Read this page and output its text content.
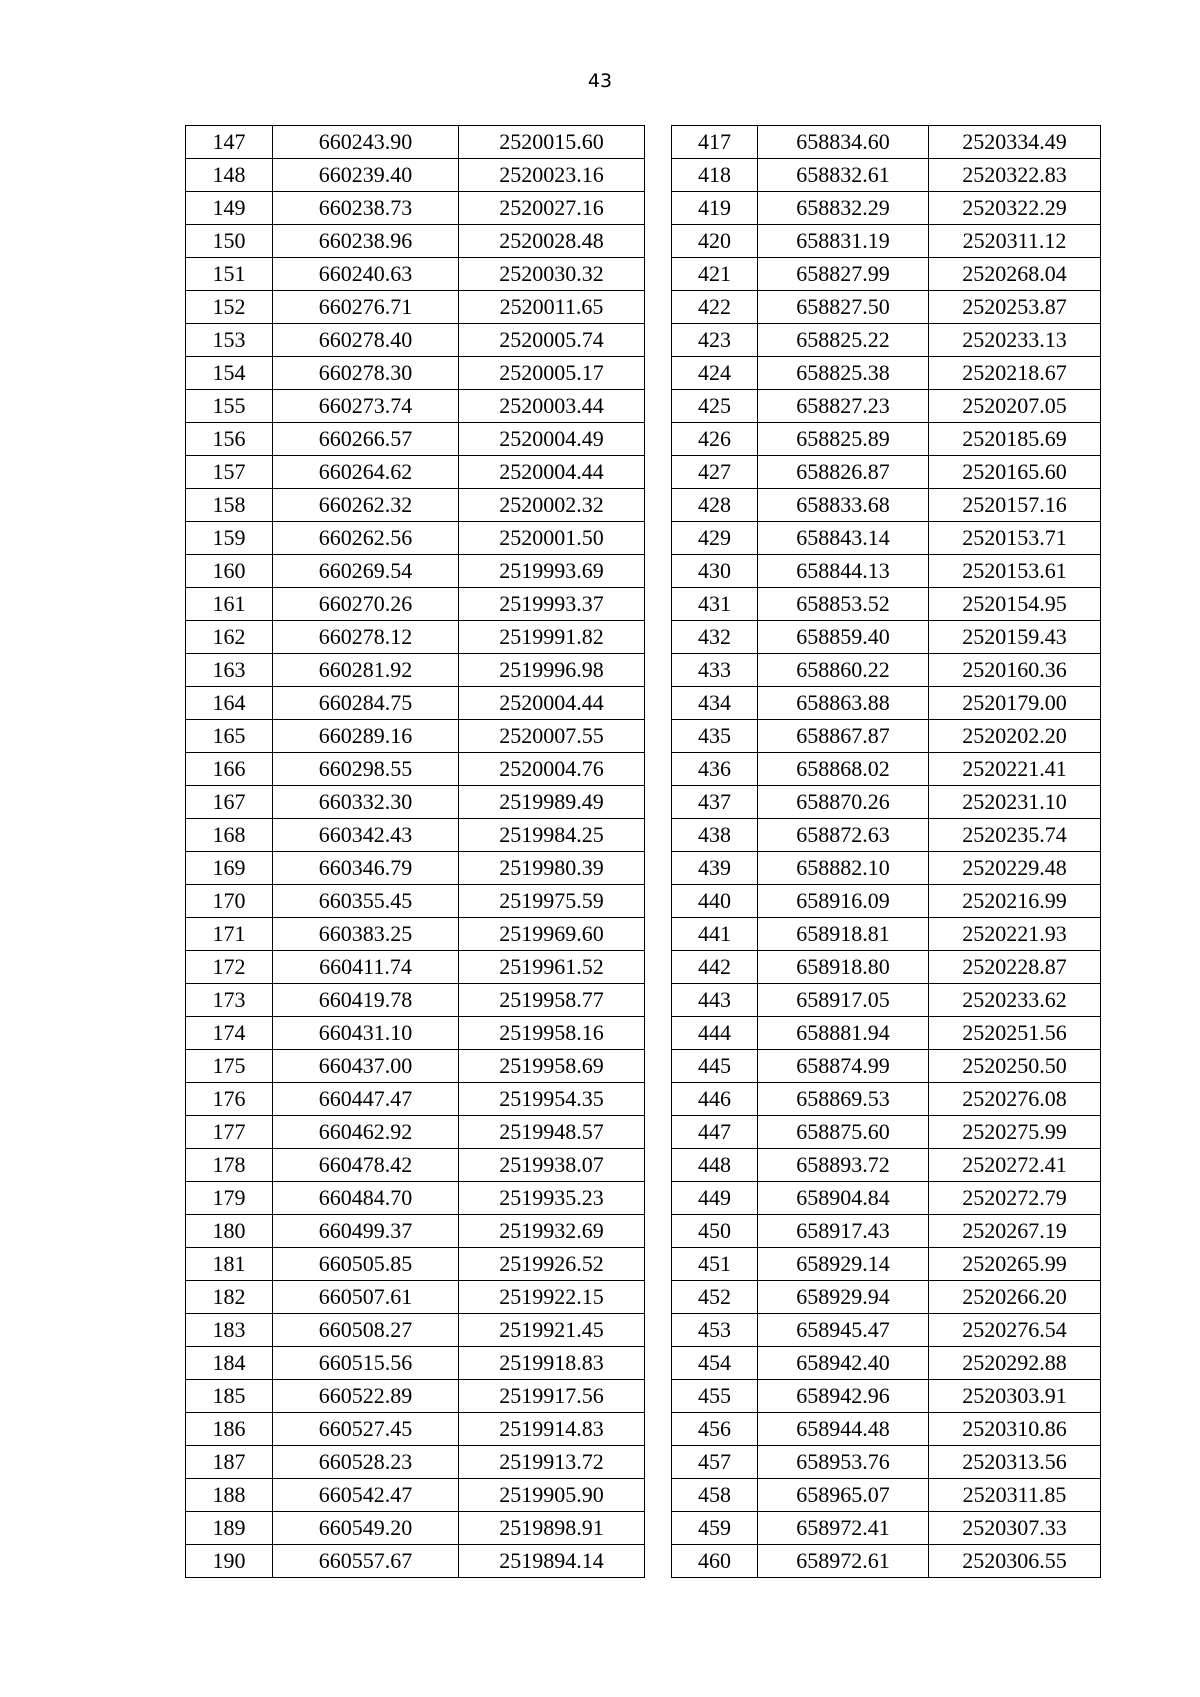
43
147	660243.90	2520015.60
148	660239.40	2520023.16
149	660238.73	2520027.16
150	660238.96	2520028.48
151	660240.63	2520030.32
152	660276.71	2520011.65
153	660278.40	2520005.74
154	660278.30	2520005.17
155	660273.74	2520003.44
156	660266.57	2520004.49
157	660264.62	2520004.44
158	660262.32	2520002.32
159	660262.56	2520001.50
160	660269.54	2519993.69
161	660270.26	2519993.37
162	660278.12	2519991.82
163	660281.92	2519996.98
164	660284.75	2520004.44
165	660289.16	2520007.55
166	660298.55	2520004.76
167	660332.30	2519989.49
168	660342.43	2519984.25
169	660346.79	2519980.39
170	660355.45	2519975.59
171	660383.25	2519969.60
172	660411.74	2519961.52
173	660419.78	2519958.77
174	660431.10	2519958.16
175	660437.00	2519958.69
176	660447.47	2519954.35
177	660462.92	2519948.57
178	660478.42	2519938.07
179	660484.70	2519935.23
180	660499.37	2519932.69
181	660505.85	2519926.52
182	660507.61	2519922.15
183	660508.27	2519921.45
184	660515.56	2519918.83
185	660522.89	2519917.56
186	660527.45	2519914.83
187	660528.23	2519913.72
188	660542.47	2519905.90
189	660549.20	2519898.91
190	660557.67	2519894.14
417	658834.60	2520334.49
418	658832.61	2520322.83
419	658832.29	2520322.29
420	658831.19	2520311.12
421	658827.99	2520268.04
422	658827.50	2520253.87
423	658825.22	2520233.13
424	658825.38	2520218.67
425	658827.23	2520207.05
426	658825.89	2520185.69
427	658826.87	2520165.60
428	658833.68	2520157.16
429	658843.14	2520153.71
430	658844.13	2520153.61
431	658853.52	2520154.95
432	658859.40	2520159.43
433	658860.22	2520160.36
434	658863.88	2520179.00
435	658867.87	2520202.20
436	658868.02	2520221.41
437	658870.26	2520231.10
438	658872.63	2520235.74
439	658882.10	2520229.48
440	658916.09	2520216.99
441	658918.81	2520221.93
442	658918.80	2520228.87
443	658917.05	2520233.62
444	658881.94	2520251.56
445	658874.99	2520250.50
446	658869.53	2520276.08
447	658875.60	2520275.99
448	658893.72	2520272.41
449	658904.84	2520272.79
450	658917.43	2520267.19
451	658929.14	2520265.99
452	658929.94	2520266.20
453	658945.47	2520276.54
454	658942.40	2520292.88
455	658942.96	2520303.91
456	658944.48	2520310.86
457	658953.76	2520313.56
458	658965.07	2520311.85
459	658972.41	2520307.33
460	658972.61	2520306.55
